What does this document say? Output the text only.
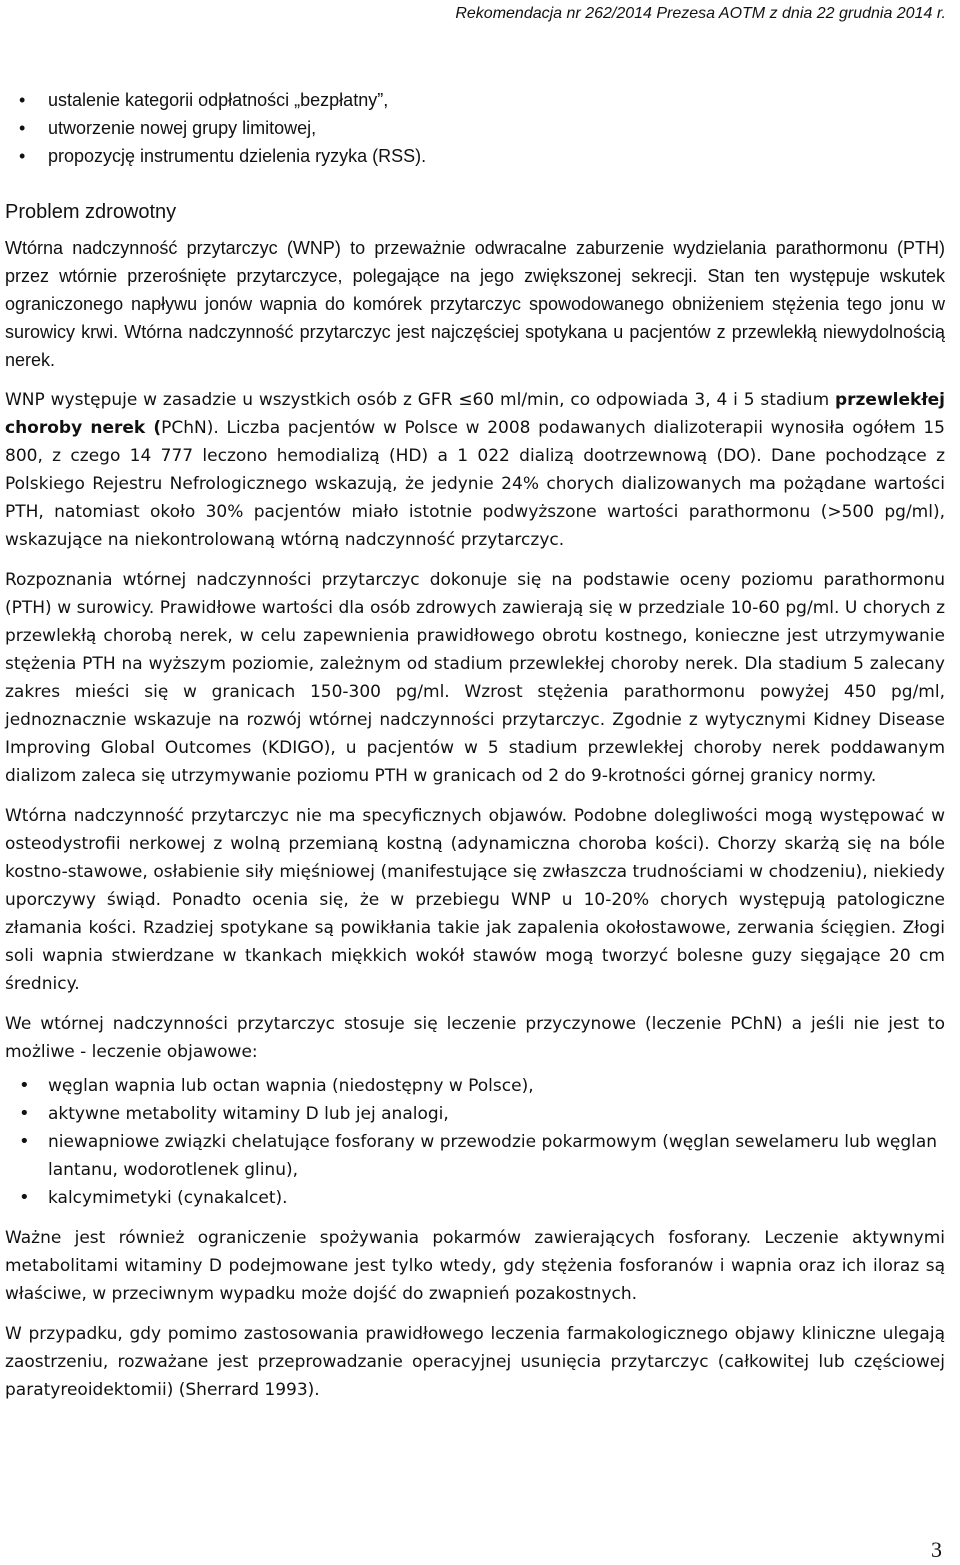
Rekomendacja nr 262/2014 Prezesa AOTM z dnia 22 grudnia 2014 r.
• ustalenie kategorii odpłatności „bezpłatny”,
• utworzenie nowej grupy limitowej,
• propozycję instrumentu dzielenia ryzyka (RSS).
Problem zdrowotny

Wtórna nadczynność przytarczyc (WNP) to przeważnie odwracalne zaburzenie wydzielania parathormonu (PTH) przez wtórnie przerośnięte przytarczyce, polegające na jego zwiększonej sekrecji. Stan ten występuje wskutek ograniczonego napływu jonów wapnia do komórek przytarczyc spowodowanego obniżeniem stężenia tego jonu w surowicy krwi. Wtórna nadczynność przytarczyc jest najczęściej spotykana u pacjentów z przewlekłą niewydolnością nerek.

WNP występuje w zasadzie u wszystkich osób z GFR ≤60 ml/min, co odpowiada 3, 4 i 5 stadium przewlekłej choroby nerek (PChN). Liczba pacjentów w Polsce w 2008 podawanych dializoterapii wynosiła ogółem 15 800, z czego 14 777 leczono hemodializą (HD) a 1 022 dializą dootrzewnową (DO). Dane pochodzące z Polskiego Rejestru Nefrologicznego wskazują, że jedynie 24% chorych dializowanych ma pożądane wartości PTH, natomiast około 30% pacjentów miało istotnie podwyższone wartości parathormonu (>500 pg/ml), wskazujące na niekontrolowaną wtórną nadczynność przytarczyc.

Rozpoznania wtórnej nadczynności przytarczyc dokonuje się na podstawie oceny poziomu parathormonu (PTH) w surowicy. Prawidłowe wartości dla osób zdrowych zawierają się w przedziale 10-60 pg/ml. U chorych z przewlekłą chorobą nerek, w celu zapewnienia prawidłowego obrotu kostnego, konieczne jest utrzymywanie stężenia PTH na wyższym poziomie, zależnym od stadium przewlekłej choroby nerek. Dla stadium 5 zalecany zakres mieści się w granicach 150-300 pg/ml. Wzrost stężenia parathormonu powyżej 450 pg/ml, jednoznacznie wskazuje na rozwój wtórnej nadczynności przytarczyc. Zgodnie z wytycznymi Kidney Disease Improving Global Outcomes (KDIGO), u pacjentów w 5 stadium przewlekłej choroby nerek poddawanym dializom zaleca się utrzymywanie poziomu PTH w granicach od 2 do 9-krotności górnej granicy normy.

Wtórna nadczynność przytarczyc nie ma specyficznych objawów. Podobne dolegliwości mogą występować w osteodystrofii nerkowej z wolną przemianą kostną (adynamiczna choroba kości). Chorzy skarżą się na bóle kostno-stawowe, osłabienie siły mięśniowej (manifestujące się zwłaszcza trudnościami w chodzeniu), niekiedy uporczywy świąd. Ponadto ocenia się, że w przebiegu WNP u 10-20% chorych występują patologiczne złamania kości. Rzadziej spotykane są powikłania takie jak zapalenia okołostawowe, zerwania ścięgien. Złogi soli wapnia stwierdzane w tkankach miękkich wokół stawów mogą tworzyć bolesne guzy sięgające 20 cm średnicy.

We wtórnej nadczynności przytarczyc stosuje się leczenie przyczynowe (leczenie PChN) a jeśli nie jest to możliwe - leczenie objawowe:

• węglan wapnia lub octan wapnia (niedostępny w Polsce),
• aktywne metabolity witaminy D lub jej analogi,
• niewapniowe związki chelatujące fosforany w przewodzie pokarmowym (węglan sewelameru lub węglan lantanu, wodorotlenek glinu),
• kalcymimetyki (cynakalcet).

Ważne jest również ograniczenie spożywania pokarmów zawierających fosforany. Leczenie aktywnymi metabolitami witaminy D podejmowane jest tylko wtedy, gdy stężenia fosforanów i wapnia oraz ich iloraz są właściwe, w przeciwnym wypadku może dojść do zwapnień pozakostnych.

W przypadku, gdy pomimo zastosowania prawidłowego leczenia farmakologicznego objawy kliniczne ulegają zaostrzeniu, rozważane jest przeprowadzanie operacyjnej usunięcia przytarczyc (całkowitej lub częściowej paratyreoidektomii) (Sherrard 1993).

3
